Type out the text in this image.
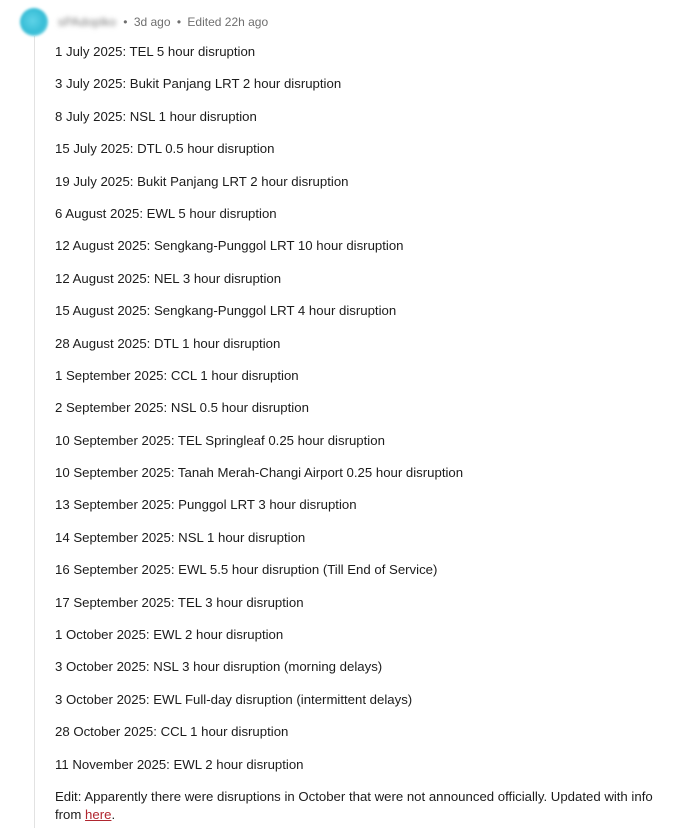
sPAdoplko • 3d ago • Edited 22h ago

1 July 2025: TEL 5 hour disruption

3 July 2025: Bukit Panjang LRT 2 hour disruption

8 July 2025: NSL 1 hour disruption

15 July 2025: DTL 0.5 hour disruption

19 July 2025: Bukit Panjang LRT 2 hour disruption

6 August 2025: EWL 5 hour disruption

12 August 2025: Sengkang-Punggol LRT 10 hour disruption

12 August 2025: NEL 3 hour disruption

15 August 2025: Sengkang-Punggol LRT 4 hour disruption

28 August 2025: DTL 1 hour disruption

1 September 2025: CCL 1 hour disruption

2 September 2025: NSL 0.5 hour disruption

10 September 2025: TEL Springleaf 0.25 hour disruption

10 September 2025: Tanah Merah-Changi Airport 0.25 hour disruption

13 September 2025: Punggol LRT 3 hour disruption

14 September 2025: NSL 1 hour disruption

16 September 2025: EWL 5.5 hour disruption (Till End of Service)

17 September 2025: TEL 3 hour disruption

1 October 2025: EWL 2 hour disruption

3 October 2025: NSL 3 hour disruption (morning delays)

3 October 2025: EWL Full-day disruption (intermittent delays)

28 October 2025: CCL 1 hour disruption

11 November 2025: EWL 2 hour disruption

Edit: Apparently there were disruptions in October that were not announced officially. Updated with info from here.
